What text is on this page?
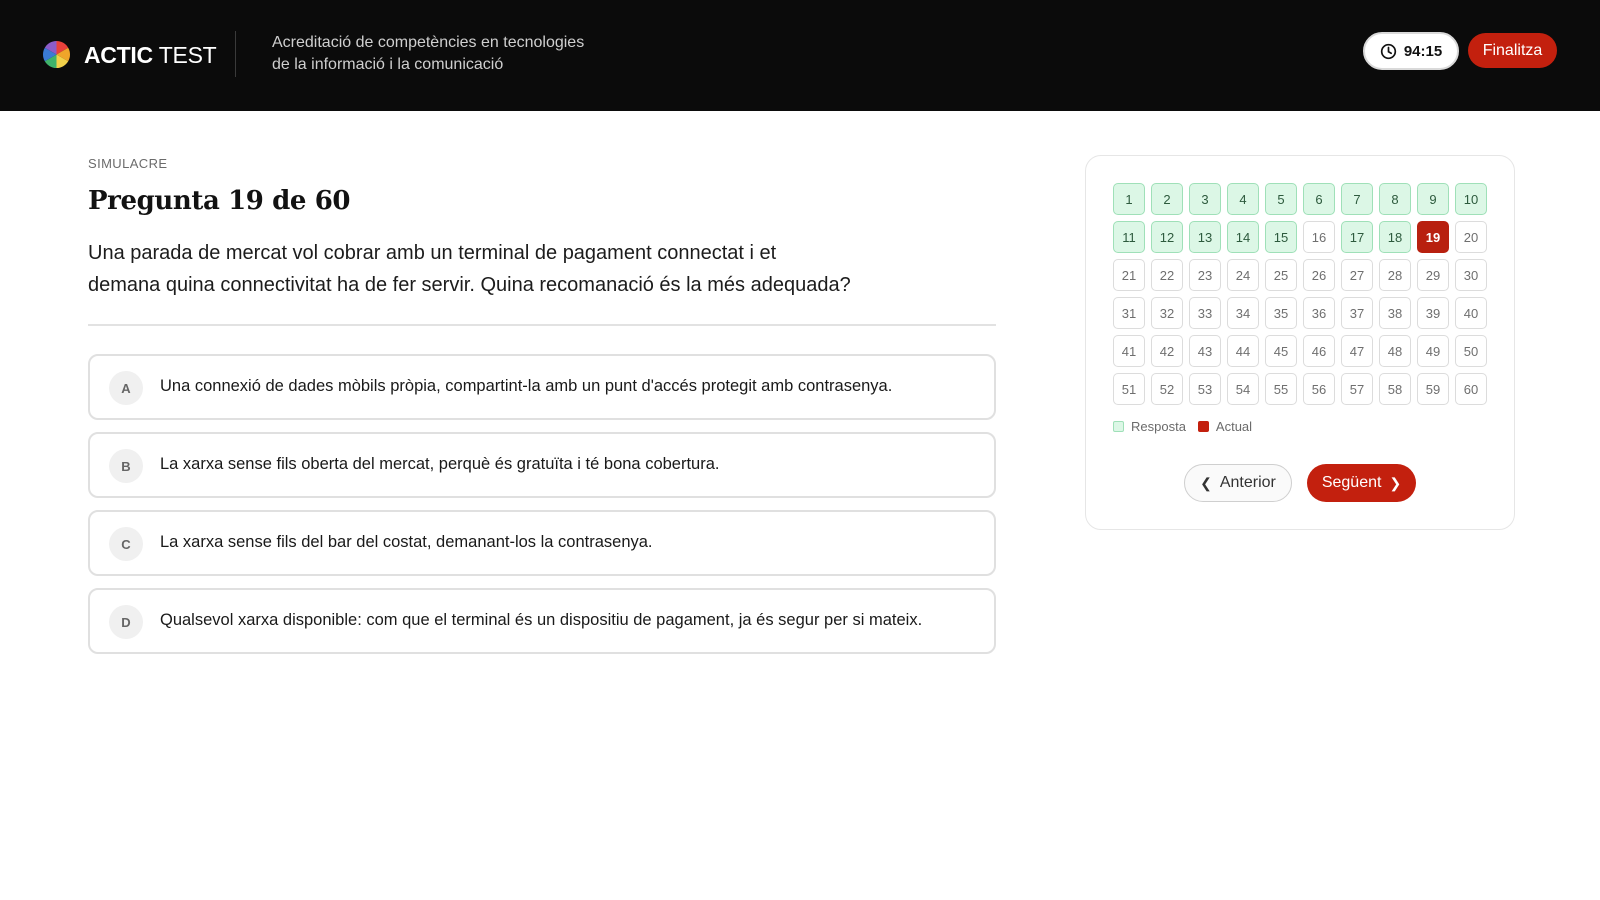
ACTIC TEST	Acreditació de competències en tecnologies
de la informació i la comunicació
94:15	Finalitza
SIMULACRE
Pregunta 19 de 60
Una parada de mercat vol cobrar amb un terminal de pagament connectat i et
demana quina connectivitat ha de fer servir. Quina recomanació és la més adequada?
A	Una connexió de dades mòbils pròpia, compartint-la amb un punt d'accés protegit amb contrasenya.
B	La xarxa sense fils oberta del mercat, perquè és gratuïta i té bona cobertura.
C	La xarxa sense fils del bar del costat, demanant-los la contrasenya.
D	Qualsevol xarxa disponible: com que el terminal és un dispositiu de pagament, ja és segur per si mateix.
1	2	3	4	5	6	7	8	9	10
11	12	13	14	15	16	17	18	19	20
21	22	23	24	25	26	27	28	29	30
31	32	33	34	35	36	37	38	39	40
41	42	43	44	45	46	47	48	49	50
51	52	53	54	55	56	57	58	59	60
Resposta Actual
❮ Anterior	Següent ❯
